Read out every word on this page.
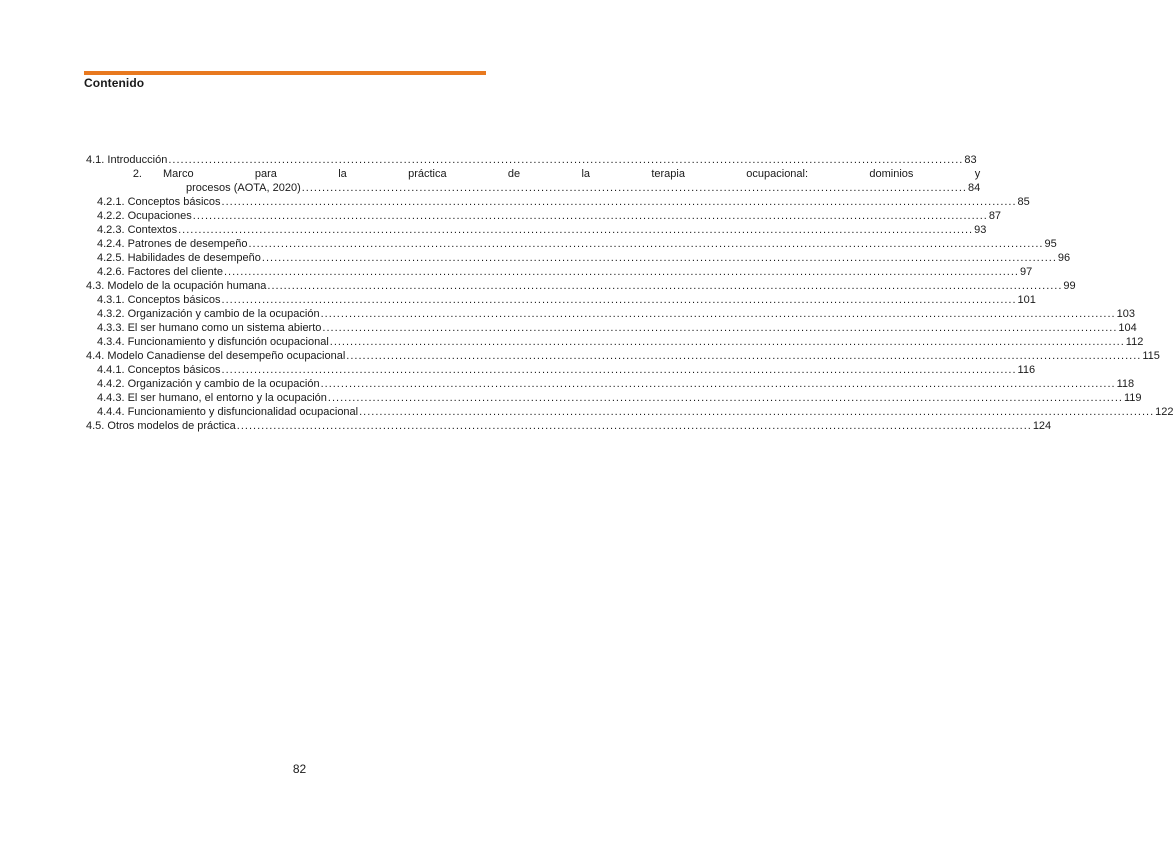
Contenido
4.1. Introducción .....	83
2.	Marco para la práctica de la terapia ocupacional: dominios y
procesos (AOTA, 2020) .....	84
4.2.1. Conceptos básicos .....	85
4.2.2. Ocupaciones .....	87
4.2.3. Contextos .....	93
4.2.4. Patrones de desempeño .....	95
4.2.5. Habilidades de desempeño .....	96
4.2.6. Factores del cliente .....	97
4.3. Modelo de la ocupación humana .....	99
4.3.1. Conceptos básicos .....	101
4.3.2. Organización y cambio de la ocupación .....	103
4.3.3. El ser humano como un sistema abierto .....	104
4.3.4. Funcionamiento y disfunción ocupacional .....	112
4.4. Modelo Canadiense del desempeño ocupacional .....	115
4.4.1. Conceptos básicos .....	116
4.4.2. Organización y cambio de la ocupación .....	118
4.4.3. El ser humano, el entorno y la ocupación .....	119
4.4.4. Funcionamiento y disfuncionalidad ocupacional .....	122
4.5. Otros modelos de práctica .....	124
82
